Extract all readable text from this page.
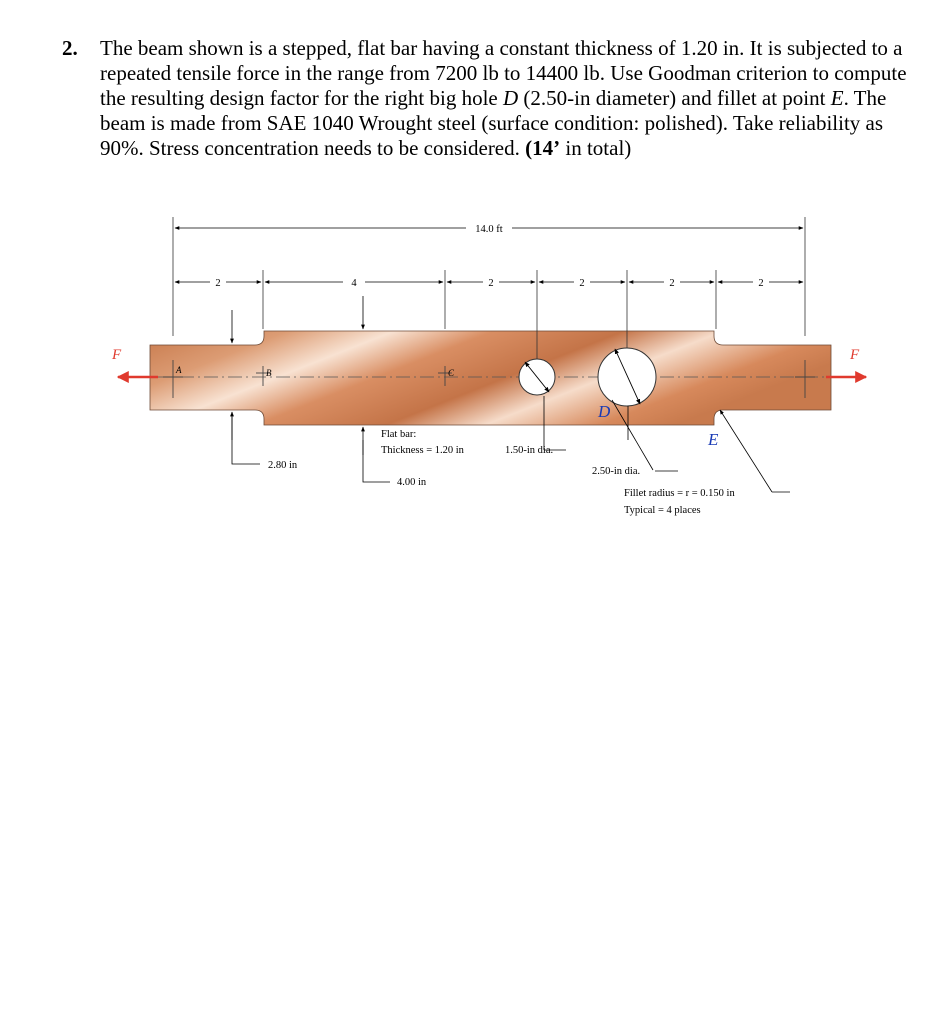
2. The beam shown is a stepped, flat bar having a constant thickness of 1.20 in. It is subjected to a repeated tensile force in the range from 7200 lb to 14400 lb. Use Goodman criterion to compute the resulting design factor for the right big hole D (2.50-in diameter) and fillet at point E. The beam is made from SAE 1040 Wrought steel (surface condition: polished). Take reliability as 90%. Stress concentration needs to be considered. (14’ in total)
A	B	C
14.0 ft
2	4	2	2	2	2
2.80 in
4.00 in
Flat bar:
Thickness = 1.20 in	1.50-in dia.
2.50-in dia.
D
E
Fillet radius = r = 0.150 in
Typical = 4 places
F	F
